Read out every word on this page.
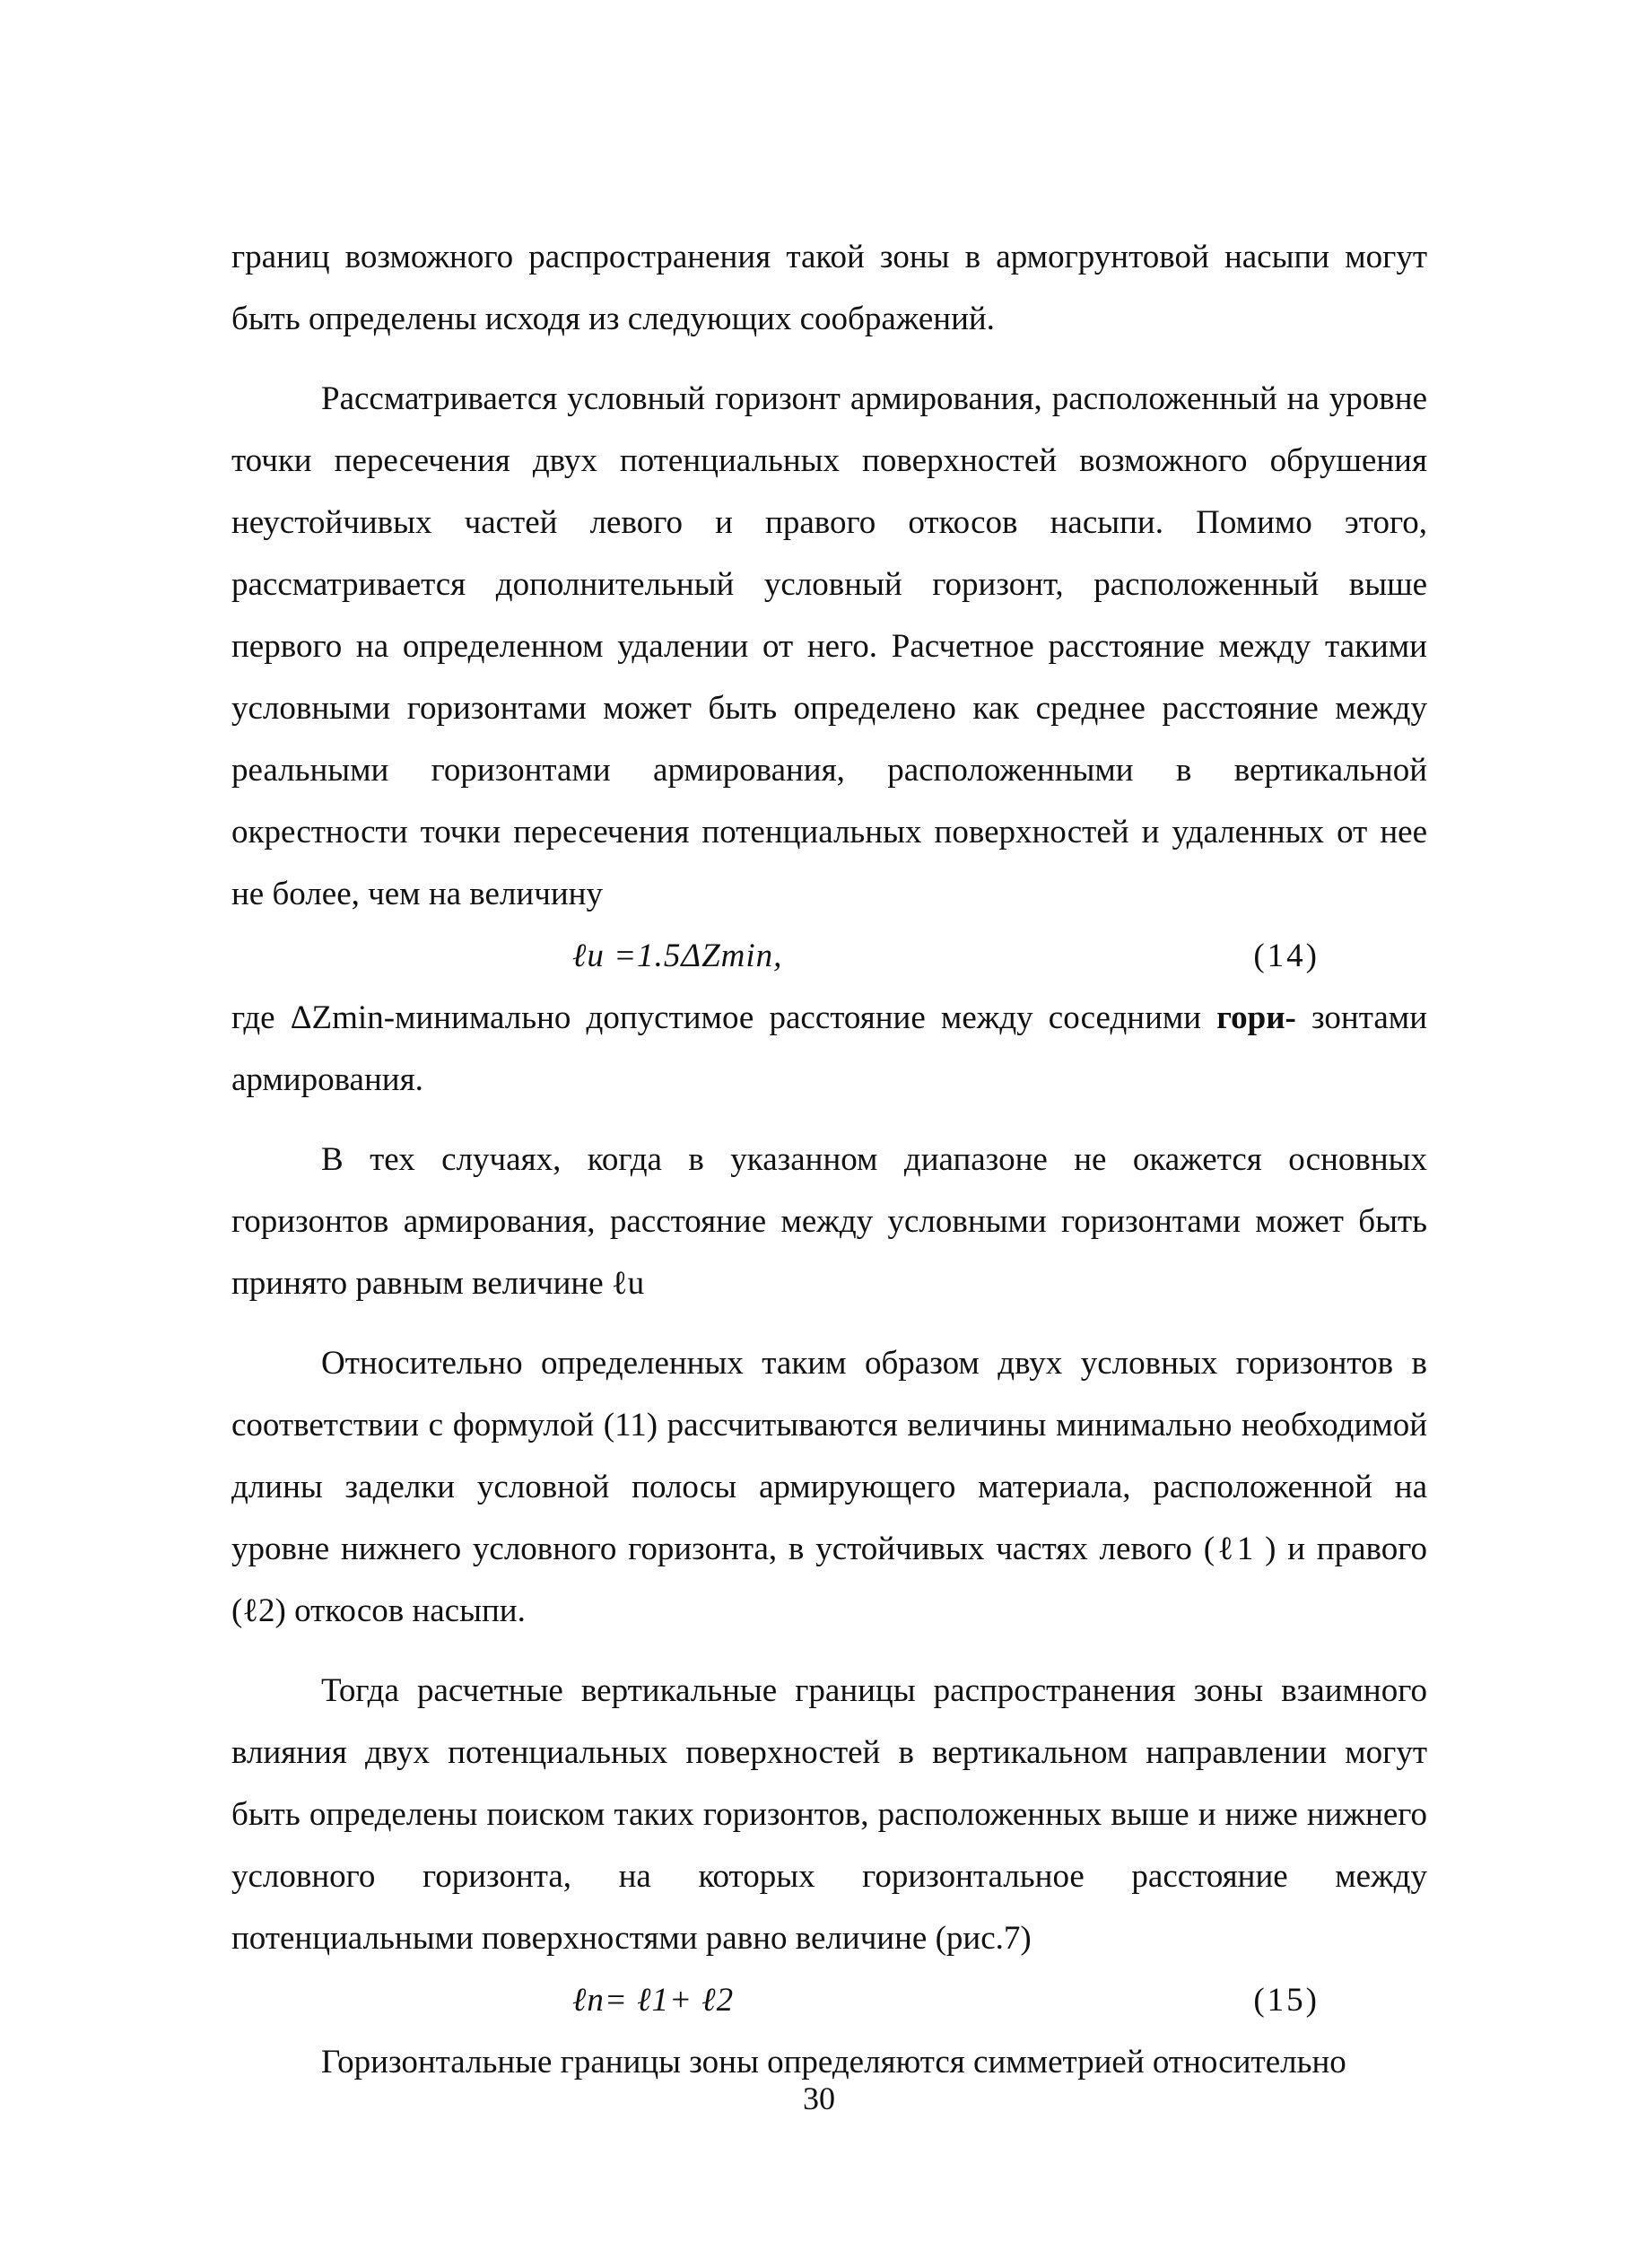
границ возможного распространения такой зоны в армогрунтовой насыпи могут быть определены исходя из следующих соображений.

Рассматривается условный горизонт армирования, расположенный на уровне точки пересечения двух потенциальных поверхностей возможного обрушения неустойчивых частей левого и правого откосов насыпи. Помимо этого, рассматривается дополнительный условный горизонт, расположенный выше первого на определенном удалении от него. Расчетное расстояние между такими условными горизонтами может быть определено как среднее расстояние между реальными горизонтами армирования, расположенными в вертикальной окрестности точки пересечения потенциальных поверхностей и удаленных от нее не более, чем на величину

ℓu =1.5ΔZmin,	(14)

где ΔZmin-минимально допустимое расстояние между соседними гори- зонтами армирования.

В тех случаях, когда в указанном диапазоне не окажется основных горизонтов армирования, расстояние между условными горизонтами может быть принято равным величине ℓu

Относительно определенных таким образом двух условных горизонтов в соответствии с формулой (11) рассчитываются величины минимально необходимой длины заделки условной полосы армирующего материала, расположенной на уровне нижнего условного горизонта, в устойчивых частях левого (ℓ1 ) и правого (ℓ2) откосов насыпи.

Тогда расчетные вертикальные границы распространения зоны взаимного влияния двух потенциальных поверхностей в вертикальном направлении могут быть определены поиском таких горизонтов, расположенных выше и ниже нижнего условного горизонта, на которых горизонтальное расстояние между потенциальными поверхностями равно величине (рис.7)

ℓn= ℓ1+ ℓ2	(15)

Горизонтальные границы зоны определяются симметрией относительно

30
